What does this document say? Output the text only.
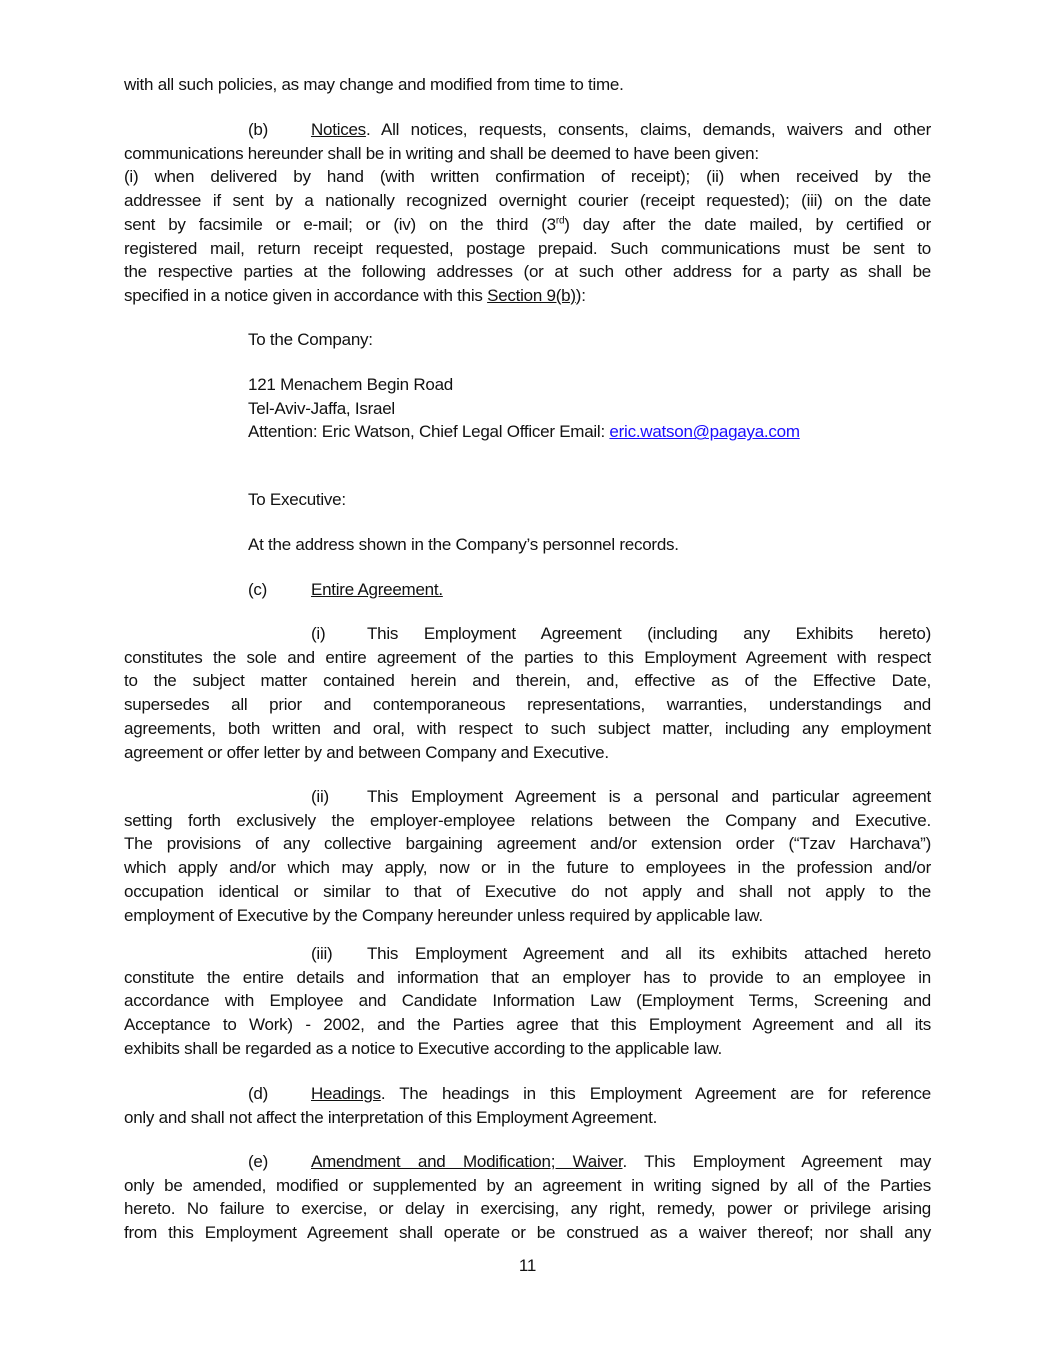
with all such policies, as may change and modified from time to time.
(b)	Notices. All notices, requests, consents, claims, demands, waivers and other
communications hereunder shall be in writing and shall be deemed to have been given:
(i) when delivered by hand (with written confirmation of receipt); (ii) when received by the
addressee if sent by a nationally recognized overnight courier (receipt requested); (iii) on the date
sent by facsimile or e-mail; or (iv) on the third (3rd) day after the date mailed, by certified or
registered mail, return receipt requested, postage prepaid. Such communications must be sent to
the respective parties at the following addresses (or at such other address for a party as shall be
specified in a notice given in accordance with this Section 9(b)):
To the Company:
121 Menachem Begin Road
Tel-Aviv-Jaffa, Israel
Attention: Eric Watson, Chief Legal Officer Email: eric.watson@pagaya.com
To Executive:
At the address shown in the Company’s personnel records.
(c)	Entire Agreement.
(i) This Employment Agreement (including any Exhibits hereto)
constitutes the sole and entire agreement of the parties to this Employment Agreement with respect
to the subject matter contained herein and therein, and, effective as of the Effective Date,
supersedes all prior and contemporaneous representations, warranties, understandings and
agreements, both written and oral, with respect to such subject matter, including any employment
agreement or offer letter by and between Company and Executive.
(ii) This Employment Agreement is a personal and particular agreement
setting forth exclusively the employer-employee relations between the Company and Executive.
The provisions of any collective bargaining agreement and/or extension order (“Tzav Harchava”)
which apply and/or which may apply, now or in the future to employees in the profession and/or
occupation identical or similar to that of Executive do not apply and shall not apply to the
employment of Executive by the Company hereunder unless required by applicable law.
(iii) This Employment Agreement and all its exhibits attached hereto
constitute the entire details and information that an employer has to provide to an employee in
accordance with Employee and Candidate Information Law (Employment Terms, Screening and
Acceptance to Work) - 2002, and the Parties agree that this Employment Agreement and all its
exhibits shall be regarded as a notice to Executive according to the applicable law.
(d)	Headings. The headings in this Employment Agreement are for reference
only and shall not affect the interpretation of this Employment Agreement.
(e)	Amendment and Modification; Waiver. This Employment Agreement may
only be amended, modified or supplemented by an agreement in writing signed by all of the Parties
hereto. No failure to exercise, or delay in exercising, any right, remedy, power or privilege arising
from this Employment Agreement shall operate or be construed as a waiver thereof; nor shall any
11
